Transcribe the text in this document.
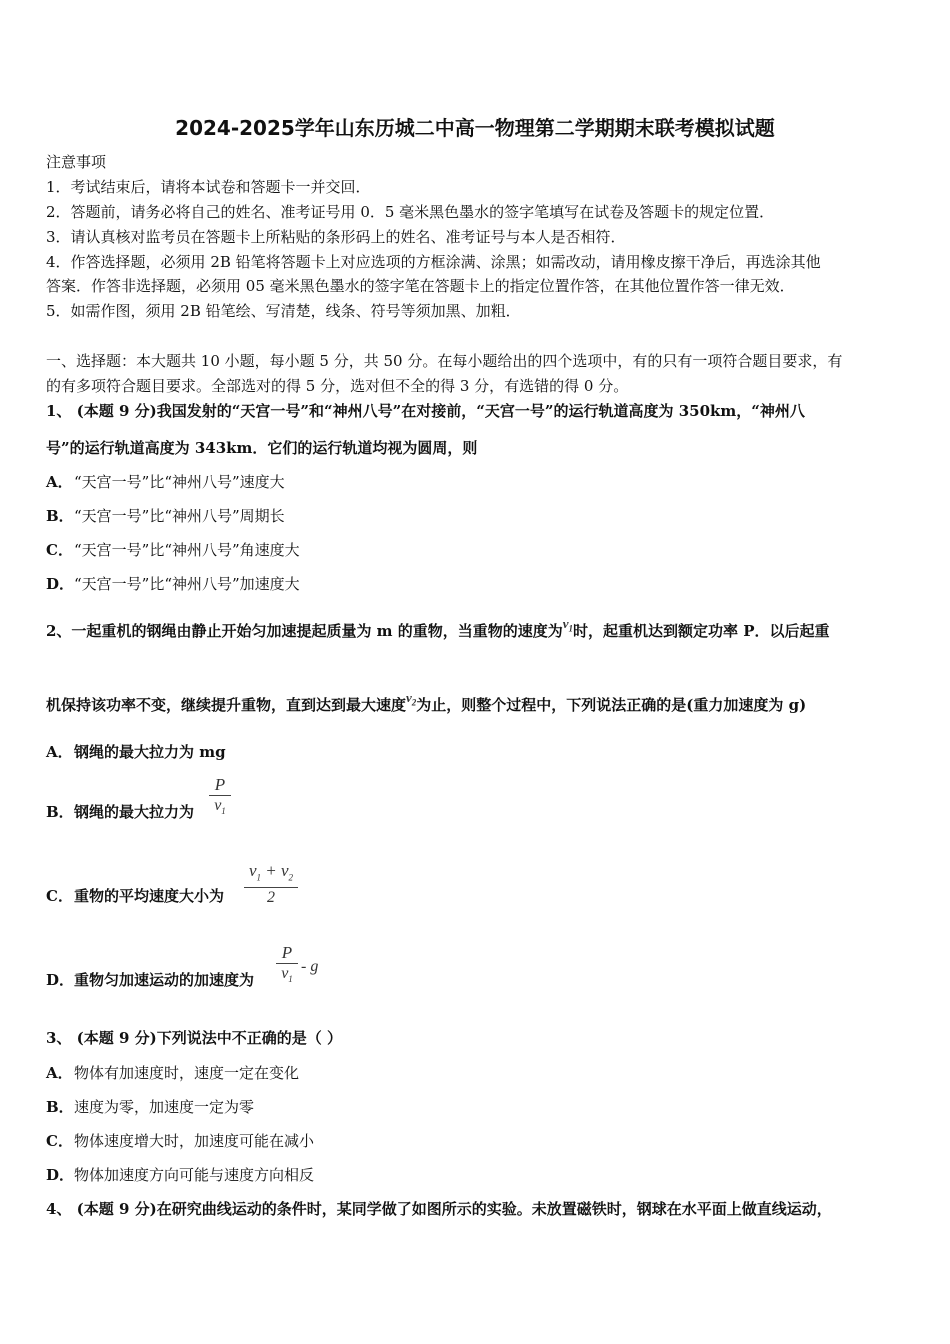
2024-2025学年山东历城二中高一物理第二学期期末联考模拟试题
注意事项
1．考试结束后，请将本试卷和答题卡一并交回．
2．答题前，请务必将自己的姓名、准考证号用 0．5 毫米黑色墨水的签字笔填写在试卷及答题卡的规定位置．
3．请认真核对监考员在答题卡上所粘贴的条形码上的姓名、准考证号与本人是否相符．
4．作答选择题，必须用 2B 铅笔将答题卡上对应选项的方框涂满、涂黑；如需改动，请用橡皮擦干净后，再选涂其他
答案．作答非选择题，必须用 05 毫米黑色墨水的签字笔在答题卡上的指定位置作答，在其他位置作答一律无效．
5．如需作图，须用 2B 铅笔绘、写清楚，线条、符号等须加黑、加粗．
一、选择题：本大题共 10 小题，每小题 5 分，共 50 分。在每小题给出的四个选项中，有的只有一项符合题目要求，有
的有多项符合题目要求。全部选对的得 5 分，选对但不全的得 3 分，有选错的得 0 分。
1、 (本题 9 分)我国发射的“天宫一号”和“神州八号”在对接前，“天宫一号”的运行轨道高度为 350km，“神州八
号”的运行轨道高度为 343km．它们的运行轨道均视为圆周，则
A．“天宫一号”比“神州八号”速度大
B．“天宫一号”比“神州八号”周期长
C．“天宫一号”比“神州八号”角速度大
D．“天宫一号”比“神州八号”加速度大
2、一起重机的钢绳由静止开始匀加速提起质量为 m 的重物，当重物的速度为$v_1$时，起重机达到额定功率 P．以后起重
机保持该功率不变，继续提升重物，直到达到最大速度$v_2$为止，则整个过程中，下列说法正确的是(重力加速度为 g)
A．钢绳的最大拉力为 mg
B．钢绳的最大拉力为
P
$v_1$
C．重物的平均速度大小为
$v_1 + v_2$
2
D．重物匀加速运动的加速度为
P
$v_1$
- g
3、 (本题 9 分)下列说法中不正确的是（ ）
A．物体有加速度时，速度一定在变化
B．速度为零，加速度一定为零
C．物体速度增大时，加速度可能在减小
D．物体加速度方向可能与速度方向相反
4、 (本题 9 分)在研究曲线运动的条件时，某同学做了如图所示的实验。未放置磁铁时，钢球在水平面上做直线运动，
